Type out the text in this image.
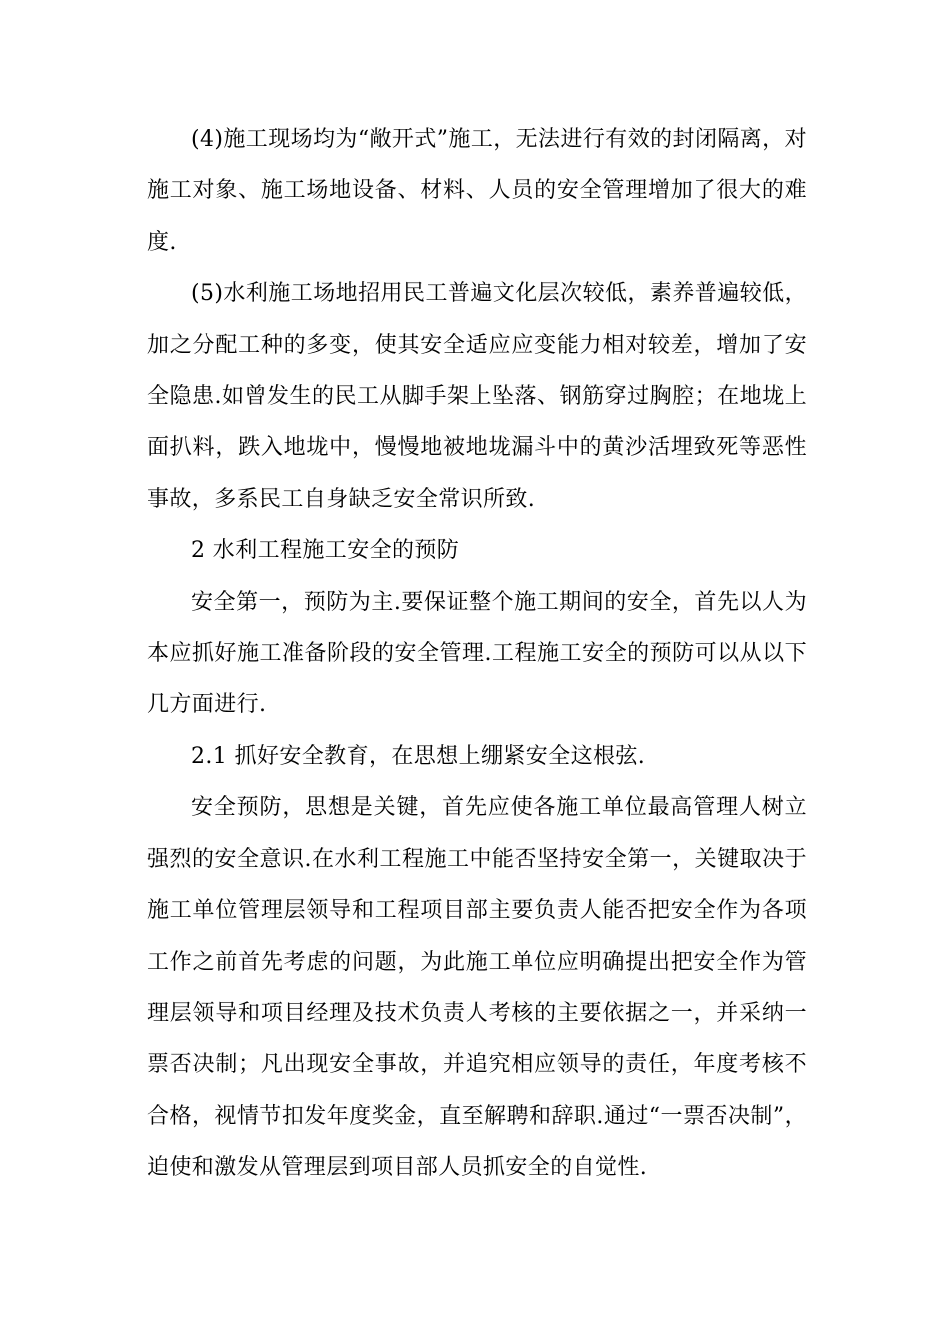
(4)施工现场均为“敞开式”施工，无法进行有效的封闭隔离，对施工对象、施工场地设备、材料、人员的安全管理增加了很大的难度.

(5)水利施工场地招用民工普遍文化层次较低，素养普遍较低，加之分配工种的多变，使其安全适应应变能力相对较差，增加了安全隐患.如曾发生的民工从脚手架上坠落、钢筋穿过胸腔；在地垅上面扒料，跌入地垅中，慢慢地被地垅漏斗中的黄沙活埋致死等恶性事故，多系民工自身缺乏安全常识所致.

2 水利工程施工安全的预防

安全第一，预防为主.要保证整个施工期间的安全，首先以人为本应抓好施工准备阶段的安全管理.工程施工安全的预防可以从以下几方面进行.

2.1 抓好安全教育，在思想上绷紧安全这根弦.

安全预防，思想是关键，首先应使各施工单位最高管理人树立强烈的安全意识.在水利工程施工中能否坚持安全第一，关键取决于施工单位管理层领导和工程项目部主要负责人能否把安全作为各项工作之前首先考虑的问题，为此施工单位应明确提出把安全作为管理层领导和项目经理及技术负责人考核的主要依据之一，并采纳一票否决制；凡出现安全事故，并追究相应领导的责任，年度考核不合格，视情节扣发年度奖金，直至解聘和辞职.通过“一票否决制”，迫使和激发从管理层到项目部人员抓安全的自觉性.
